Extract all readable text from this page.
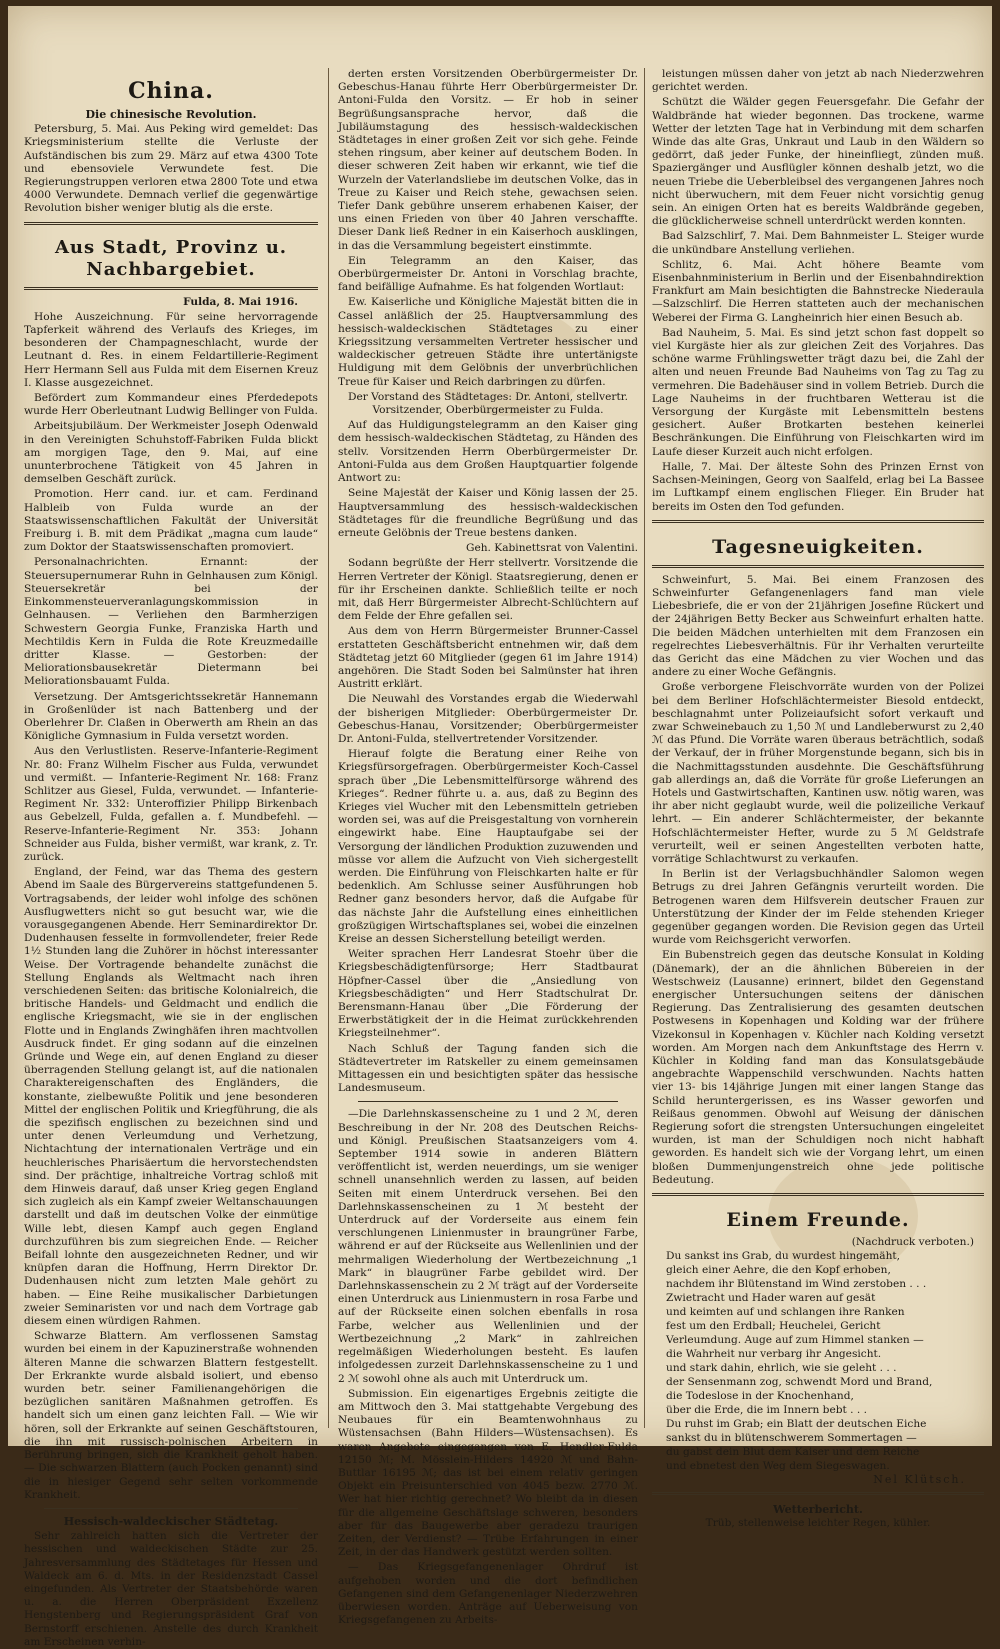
China.
Die chinesische Revolution.

Petersburg, 5. Mai. Aus Peking wird gemeldet: Das Kriegsministerium stellte die Verluste der Aufständischen bis zum 29. März auf etwa 4300 Tote und ebensoviele Verwundete fest. Die Regierungstruppen verloren etwa 2800 Tote und etwa 4000 Verwundete. Demnach verlief die gegenwärtige Revolution bisher weniger blutig als die erste.

Aus Stadt, Provinz u. Nachbargebiet.
Fulda, 8. Mai 1916.

Hohe Auszeichnung. Für seine hervorragende Tapferkeit während des Verlaufs des Krieges, im besonderen der Champagneschlacht, wurde der Leutnant d. Res. in einem Feldartillerie-Regiment Herr Hermann Sell aus Fulda mit dem Eisernen Kreuz I. Klasse ausgezeichnet.

Befördert zum Kommandeur eines Pferdedepots wurde Herr Oberleutnant Ludwig Bellinger von Fulda.

Arbeitsjubiläum. Der Werkmeister Joseph Odenwald in den Vereinigten Schuhstoff-Fabriken Fulda blickt am morgigen Tage, den 9. Mai, auf eine ununterbrochene Tätigkeit von 45 Jahren in demselben Geschäft zurück.

Promotion. Herr cand. iur. et cam. Ferdinand Halbleib von Fulda wurde an der Staatswissenschaftlichen Fakultät der Universität Freiburg i. B. mit dem Prädikat „magna cum laude“ zum Doktor der Staatswissenschaften promoviert.

Personalnachrichten. Ernannt: der Steuersupernumerar Ruhn in Gelnhausen zum Königl. Steuersekretär bei der Einkommensteuerveranlagungskommission in Gelnhausen. — Verliehen den Barmherzigen Schwestern Georgia Funke, Franziska Harth und Mechtildis Kern in Fulda die Rote Kreuzmedaille dritter Klasse. — Gestorben: der Meliorationsbausekretär Dietermann bei Meliorationsbauamt Fulda.

Versetzung. Der Amtsgerichtssekretär Hannemann in Großenlüder ist nach Battenberg und der Oberlehrer Dr. Claßen in Oberwerth am Rhein an das Königliche Gymnasium in Fulda versetzt worden.

Aus den Verlustlisten. Reserve-Infanterie-Regiment Nr. 80: Franz Wilhelm Fischer aus Fulda, verwundet und vermißt. — Infanterie-Regiment Nr. 168: Franz Schlitzer aus Giesel, Fulda, verwundet. — Infanterie-Regiment Nr. 332: Unteroffizier Philipp Birkenbach aus Gebelzell, Fulda, gefallen a. f. Mundbefehl. — Reserve-Infanterie-Regiment Nr. 353: Johann Schneider aus Fulda, bisher vermißt, war krank, z. Tr. zurück.

England, der Feind, war das Thema des gestern Abend im Saale des Bürgervereins stattgefundenen 5. Vortragsabends, der leider wohl infolge des schönen Ausflugwetters nicht so gut besucht war, wie die vorausgegangenen Abende. Herr Seminardirektor Dr. Dudenhausen fesselte in formvollendeter, freier Rede 1½ Stunden lang die Zuhörer in höchst interessanter Weise. Der Vortragende behandelte zunächst die Stellung Englands als Weltmacht nach ihren verschiedenen Seiten: das britische Kolonialreich, die britische Handels- und Geldmacht und endlich die englische Kriegsmacht, wie sie in der englischen Flotte und in Englands Zwinghäfen ihren machtvollen Ausdruck findet. Er ging sodann auf die einzelnen Gründe und Wege ein, auf denen England zu dieser überragenden Stellung gelangt ist, auf die nationalen Charaktereigenschaften des Engländers, die konstante, zielbewußte Politik und jene besonderen Mittel der englischen Politik und Kriegführung, die als die spezifisch englischen zu bezeichnen sind und unter denen Verleumdung und Verhetzung, Nichtachtung der internationalen Verträge und ein heuchlerisches Pharisäertum die hervorstechendsten sind. Der prächtige, inhaltreiche Vortrag schloß mit dem Hinweis darauf, daß unser Krieg gegen England sich zugleich als ein Kampf zweier Weltanschauungen darstellt und daß im deutschen Volke der einmütige Wille lebt, diesen Kampf auch gegen England durchzuführen bis zum siegreichen Ende. — Reicher Beifall lohnte den ausgezeichneten Redner, und wir knüpfen daran die Hoffnung, Herrn Direktor Dr. Dudenhausen nicht zum letzten Male gehört zu haben. — Eine Reihe musikalischer Darbietungen zweier Seminaristen vor und nach dem Vortrage gab diesem einen würdigen Rahmen.

Schwarze Blattern. Am verflossenen Samstag wurden bei einem in der Kapuzinerstraße wohnenden älteren Manne die schwarzen Blattern festgestellt. Der Erkrankte wurde alsbald isoliert, und ebenso wurden betr. seiner Familienangehörigen die bezüglichen sanitären Maßnahmen getroffen. Es handelt sich um einen ganz leichten Fall. — Wie wir hören, soll der Erkrankte auf seinen Geschäftstouren, die ihn mit russisch-polnischen Arbeitern in Berührung bringen, sich die Krankheit geholt haben. — Die schwarzen Blattern (auch Pocken genannt) sind die in hiesiger Gegend sehr selten vorkommende Krankheit.

Hessisch-waldeckischer Städtetag.

Sehr zahlreich hatten sich die Vertreter der hessischen und waldeckischen Städte zur 25. Jahresversammlung des Städtetages für Hessen und Waldeck am 6. d. Mts. in der Residenzstadt Cassel eingefunden. Als Vertreter der Staatsbehörde waren u. a. die Herren Oberpräsident Exzellenz Hengstenberg und Regierungspräsident Graf von Bernstorff erschienen. Anstelle des durch Krankheit am Erscheinen verhin-

derten ersten Vorsitzenden Oberbürgermeister Dr. Gebeschus-Hanau führte Herr Oberbürgermeister Dr. Antoni-Fulda den Vorsitz. — Er hob in seiner Begrüßungsansprache hervor, daß die Jubiläumstagung des hessisch-waldeckischen Städtetages in einer großen Zeit vor sich gehe. Feinde stehen ringsum, aber keiner auf deutschem Boden. In dieser schweren Zeit haben wir erkannt, wie tief die Wurzeln der Vaterlandsliebe im deutschen Volke, das in Treue zu Kaiser und Reich stehe, gewachsen seien. Tiefer Dank gebühre unserem erhabenen Kaiser, der uns einen Frieden von über 40 Jahren verschaffte. Dieser Dank ließ Redner in ein Kaiserhoch ausklingen, in das die Versammlung begeistert einstimmte.

Ein Telegramm an den Kaiser, das Oberbürgermeister Dr. Antoni in Vorschlag brachte, fand beifällige Aufnahme. Es hat folgenden Wortlaut:

Ew. Kaiserliche und Königliche Majestät bitten die in Cassel anläßlich der 25. Hauptversammlung des hessisch-waldeckischen Städtetages zu einer Kriegssitzung versammelten Vertreter hessischer und waldeckischer getreuen Städte ihre untertänigste Huldigung mit dem Gelöbnis der unverbrüchlichen Treue für Kaiser und Reich darbringen zu dürfen.

Der Vorstand des Städtetages: Dr. Antoni, stellvertr. Vorsitzender, Oberbürgermeister zu Fulda.

Auf das Huldigungstelegramm an den Kaiser ging dem hessisch-waldeckischen Städtetag, zu Händen des stellv. Vorsitzenden Herrn Oberbürgermeister Dr. Antoni-Fulda aus dem Großen Hauptquartier folgende Antwort zu:

Seine Majestät der Kaiser und König lassen der 25. Hauptversammlung des hessisch-waldeckischen Städtetages für die freundliche Begrüßung und das erneute Gelöbnis der Treue bestens danken.

Geh. Kabinettsrat von Valentini.

Sodann begrüßte der Herr stellvertr. Vorsitzende die Herren Vertreter der Königl. Staatsregierung, denen er für ihr Erscheinen dankte. Schließlich teilte er noch mit, daß Herr Bürgermeister Albrecht-Schlüchtern auf dem Felde der Ehre gefallen sei.

Aus dem von Herrn Bürgermeister Brunner-Cassel erstatteten Geschäftsbericht entnehmen wir, daß dem Städtetag jetzt 60 Mitglieder (gegen 61 im Jahre 1914) angehören. Die Stadt Soden bei Salmünster hat ihren Austritt erklärt.

Die Neuwahl des Vorstandes ergab die Wiederwahl der bisherigen Mitglieder: Oberbürgermeister Dr. Gebeschus-Hanau, Vorsitzender; Oberbürgermeister Dr. Antoni-Fulda, stellvertretender Vorsitzender.

Hierauf folgte die Beratung einer Reihe von Kriegsfürsorgefragen. Oberbürgermeister Koch-Cassel sprach über „Die Lebensmittelfürsorge während des Krieges“. Redner führte u. a. aus, daß zu Beginn des Krieges viel Wucher mit den Lebensmitteln getrieben worden sei, was auf die Preisgestaltung von vornherein eingewirkt habe. Eine Hauptaufgabe sei der Versorgung der ländlichen Produktion zuzuwenden und müsse vor allem die Aufzucht von Vieh sichergestellt werden. Die Einführung von Fleischkarten halte er für bedenklich. Am Schlusse seiner Ausführungen hob Redner ganz besonders hervor, daß die Aufgabe für das nächste Jahr die Aufstellung eines einheitlichen großzügigen Wirtschaftsplanes sei, wobei die einzelnen Kreise an dessen Sicherstellung beteiligt werden.

Weiter sprachen Herr Landesrat Stoehr über die Kriegsbeschädigtenfürsorge; Herr Stadtbaurat Höpfner-Cassel über die „Ansiedlung von Kriegsbeschädigten“ und Herr Stadtschulrat Dr. Berensmann-Hanau über „Die Förderung der Erwerbstätigkeit der in die Heimat zurückkehrenden Kriegsteilnehmer“.

Nach Schluß der Tagung fanden sich die Städtevertreter im Ratskeller zu einem gemeinsamen Mittagessen ein und besichtigten später das hessische Landesmuseum.

—Die Darlehnskassenscheine zu 1 und 2 ℳ, deren Beschreibung in der Nr. 208 des Deutschen Reichs- und Königl. Preußischen Staatsanzeigers vom 4. September 1914 sowie in anderen Blättern veröffentlicht ist, werden neuerdings, um sie weniger schnell unansehnlich werden zu lassen, auf beiden Seiten mit einem Unterdruck versehen. Bei den Darlehnskassenscheinen zu 1 ℳ besteht der Unterdruck auf der Vorderseite aus einem fein verschlungenen Linienmuster in braungrüner Farbe, während er auf der Rückseite aus Wellenlinien und der mehrmaligen Wiederholung der Wertbezeichnung „1 Mark“ in blaugrüner Farbe gebildet wird. Der Darlehnskassenschein zu 2 ℳ trägt auf der Vorderseite einen Unterdruck aus Linienmustern in rosa Farbe und auf der Rückseite einen solchen ebenfalls in rosa Farbe, welcher aus Wellenlinien und der Wertbezeichnung „2 Mark“ in zahlreichen regelmäßigen Wiederholungen besteht. Es laufen infolgedessen zurzeit Darlehnskassenscheine zu 1 und 2 ℳ sowohl ohne als auch mit Unterdruck um.

Submission. Ein eigenartiges Ergebnis zeitigte die am Mittwoch den 3. Mai stattgehabte Vergebung des Neubaues für ein Beamtenwohnhaus zu Wüstensachsen (Bahn Hilders—Wüstensachsen). Es waren Angebote eingegangen von E. Hendler-Fulda 12150 ℳ; M. Mösslein-Hilders 14920 ℳ und Bahn-Buttlar 16195 ℳ; das ist bei einem relativ geringen Objekt ein Preisunterschied von 4045 bezw. 2770 ℳ. Wer hat hier richtig gerechnet? Wo bleibt da in diesen für die allgemeine Geschäftslage schweren, besonders aber für das Baugewerbe aber geradezu traurigen Zeiten, der Verdienst? — Trübe Erfahrungen in einer Zeit, in der das Handwerk gestützt werden sollten.

— Das Kriegsgefangenenlager Ohrdruf ist aufgehoben worden und die dort befindlichen Gefangenen sind dem Gefangenenlager Niederzwehren überwiesen worden. Anträge auf Ueberweisung von Kriegsgefangenen zu Arbeits-

leistungen müssen daher von jetzt ab nach Niederzwehren gerichtet werden.

Schützt die Wälder gegen Feuersgefahr. Die Gefahr der Waldbrände hat wieder begonnen. Das trockene, warme Wetter der letzten Tage hat in Verbindung mit dem scharfen Winde das alte Gras, Unkraut und Laub in den Wäldern so gedörrt, daß jeder Funke, der hineinfliegt, zünden muß. Spaziergänger und Ausflügler können deshalb jetzt, wo die neuen Triebe die Ueberbleibsel des vergangenen Jahres noch nicht überwuchern, mit dem Feuer nicht vorsichtig genug sein. An einigen Orten hat es bereits Waldbrände gegeben, die glücklicherweise schnell unterdrückt werden konnten.

Bad Salzschlirf, 7. Mai. Dem Bahnmeister L. Steiger wurde die unkündbare Anstellung verliehen.

Schlitz, 6. Mai. Acht höhere Beamte vom Eisenbahnministerium in Berlin und der Eisenbahndirektion Frankfurt am Main besichtigten die Bahnstrecke Niederaula—Salzschlirf. Die Herren statteten auch der mechanischen Weberei der Firma G. Langheinrich hier einen Besuch ab.

Bad Nauheim, 5. Mai. Es sind jetzt schon fast doppelt so viel Kurgäste hier als zur gleichen Zeit des Vorjahres. Das schöne warme Frühlingswetter trägt dazu bei, die Zahl der alten und neuen Freunde Bad Nauheims von Tag zu Tag zu vermehren. Die Badehäuser sind in vollem Betrieb. Durch die Lage Nauheims in der fruchtbaren Wetterau ist die Versorgung der Kurgäste mit Lebensmitteln bestens gesichert. Außer Brotkarten bestehen keinerlei Beschränkungen. Die Einführung von Fleischkarten wird im Laufe dieser Kurzeit auch nicht erfolgen.

Halle, 7. Mai. Der älteste Sohn des Prinzen Ernst von Sachsen-Meiningen, Georg von Saalfeld, erlag bei La Bassee im Luftkampf einem englischen Flieger. Ein Bruder hat bereits im Osten den Tod gefunden.

Tagesneuigkeiten.

Schweinfurt, 5. Mai. Bei einem Franzosen des Schweinfurter Gefangenenlagers fand man viele Liebesbriefe, die er von der 21jährigen Josefine Rückert und der 24jährigen Betty Becker aus Schweinfurt erhalten hatte. Die beiden Mädchen unterhielten mit dem Franzosen ein regelrechtes Liebesverhältnis. Für ihr Verhalten verurteilte das Gericht das eine Mädchen zu vier Wochen und das andere zu einer Woche Gefängnis.

Große verborgene Fleischvorräte wurden von der Polizei bei dem Berliner Hofschlächtermeister Biesold entdeckt, beschlagnahmt unter Polizeiaufsicht sofort verkauft und zwar Schweinebauch zu 1,50 ℳ und Landleberwurst zu 2,40 ℳ das Pfund. Die Vorräte waren überaus beträchtlich, sodaß der Verkauf, der in früher Morgenstunde begann, sich bis in die Nachmittagsstunden ausdehnte. Die Geschäftsführung gab allerdings an, daß die Vorräte für große Lieferungen an Hotels und Gastwirtschaften, Kantinen usw. nötig waren, was ihr aber nicht geglaubt wurde, weil die polizeiliche Verkauf lehrt. — Ein anderer Schlächtermeister, der bekannte Hofschlächtermeister Hefter, wurde zu 5 ℳ Geldstrafe verurteilt, weil er seinen Angestellten verboten hatte, vorrätige Schlachtwurst zu verkaufen.

In Berlin ist der Verlagsbuchhändler Salomon wegen Betrugs zu drei Jahren Gefängnis verurteilt worden. Die Betrogenen waren dem Hilfsverein deutscher Frauen zur Unterstützung der Kinder der im Felde stehenden Krieger gegenüber gegangen worden. Die Revision gegen das Urteil wurde vom Reichsgericht verworfen.

Ein Bubenstreich gegen das deutsche Konsulat in Kolding (Dänemark), der an die ähnlichen Bübereien in der Westschweiz (Lausanne) erinnert, bildet den Gegenstand energischer Untersuchungen seitens der dänischen Regierung. Das Zentralisierung des gesamten deutschen Postwesens in Kopenhagen und Kolding war der frühere Vizekonsul in Kopenhagen v. Küchler nach Kolding versetzt worden. Am Morgen nach dem Ankunftstage des Herrn v. Küchler in Kolding fand man das Konsulatsgebäude angebrachte Wappenschild verschwunden. Nachts hatten vier 13- bis 14jährige Jungen mit einer langen Stange das Schild heruntergerissen, es ins Wasser geworfen und Reißaus genommen. Obwohl auf Weisung der dänischen Regierung sofort die strengsten Untersuchungen eingeleitet wurden, ist man der Schuldigen noch nicht habhaft geworden. Es handelt sich wie der Vorgang lehrt, um einen bloßen Dummenjungenstreich ohne jede politische Bedeutung.

Einem Freunde.
(Nachdruck verboten.)
Du sankst ins Grab, du wurdest hingemäht,
gleich einer Aehre, die den Kopf erhoben,
nachdem ihr Blütenstand im Wind zerstoben . . .
Zwietracht und Hader waren auf gesät
und keimten auf und schlangen ihre Ranken
fest um den Erdball; Heuchelei, Gericht
Verleumdung. Auge auf zum Himmel stanken —
die Wahrheit nur verbarg ihr Angesicht.
und stark dahin, ehrlich, wie sie geleht . . .
der Sensenmann zog, schwendt Mord und Brand,
die Todeslose in der Knochenhand,
über die Erde, die im Innern bebt . . .
Du ruhst im Grab; ein Blatt der deutschen Eiche
sankst du in blütenschwerem Sommertagen —
du gabst dein Blut dem Kaiser und dem Reiche
und ebnetest den Weg dem Siegeswagen.
Nel Klütsch.
Wetterbericht.
Trüb, stellenweise leichter Regen, kühler.
